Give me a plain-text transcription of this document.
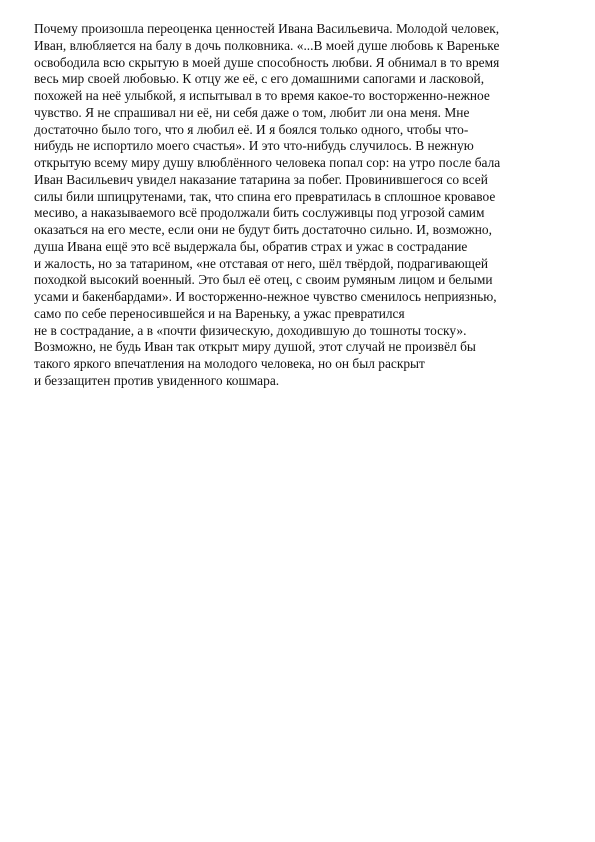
Почему произошла переоценка ценностей Ивана Васильевича. Молодой человек,
Иван, влюбляется на балу в дочь полковника. «...В моей душе любовь к Вареньке
освободила всю скрытую в моей душе способность любви. Я обнимал в то время
весь мир своей любовью. К отцу же её, с его домашними сапогами и ласковой,
похожей на неё улыбкой, я испытывал в то время какое-то восторженно-нежное
чувство. Я не спрашивал ни её, ни себя даже о том, любит ли она меня. Мне
достаточно было того, что я любил её. И я боялся только одного, чтобы что-
нибудь не испортило моего счастья». И это что-нибудь случилось. В нежную
открытую всему миру душу влюблённого человека попал сор: на утро после бала
Иван Васильевич увидел наказание татарина за побег. Провинившегося со всей
силы били шпицрутенами, так, что спина его превратилась в сплошное кровавое
месиво, а наказываемого всё продолжали бить сослуживцы под угрозой самим
оказаться на его месте, если они не будут бить достаточно сильно. И, возможно,
душа Ивана ещё это всё выдержала бы, обратив страх и ужас в сострадание
и жалость, но за татарином, «не отставая от него, шёл твёрдой, подрагивающей
походкой высокий военный. Это был её отец, с своим румяным лицом и белыми
усами и бакенбардами». И восторженно-нежное чувство сменилось неприязнью,
само по себе переносившейся и на Вареньку, а ужас превратился
не в сострадание, а в «почти физическую, доходившую до тошноты тоску».
Возможно, не будь Иван так открыт миру душой, этот случай не произвёл бы
такого яркого впечатления на молодого человека, но он был раскрыт
и беззащитен против увиденного кошмара.
